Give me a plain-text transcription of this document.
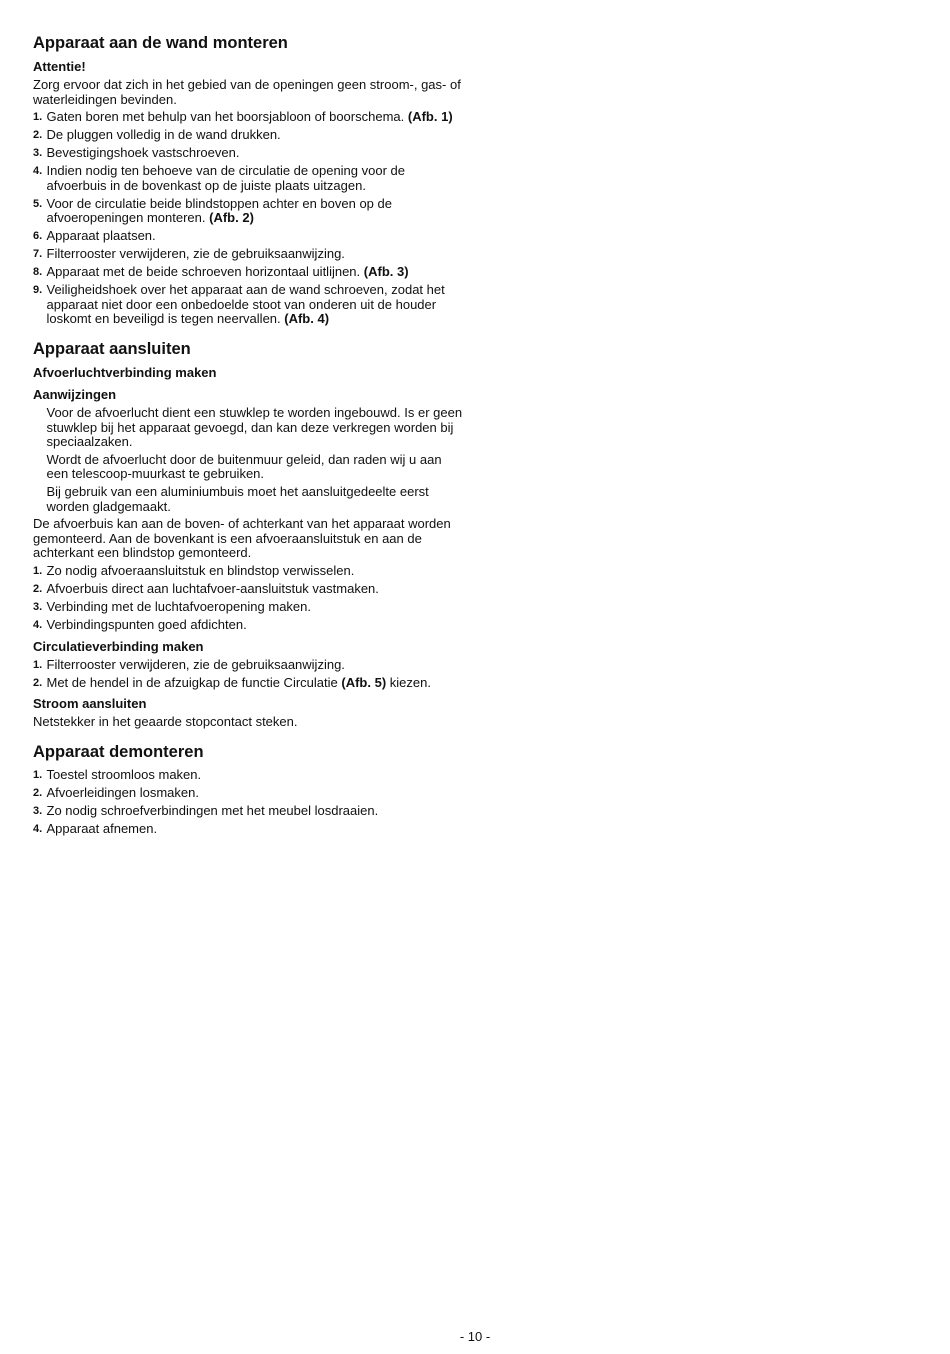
Apparaat aan de wand monteren
Attentie!

Zorg ervoor dat zich in het gebied van de openingen geen stroom-, gas- of waterleidingen bevinden.

1. Gaten boren met behulp van het boorsjabloon of boorschema. (Afb. 1)
2. De pluggen volledig in de wand drukken.
3. Bevestigingshoek vastschroeven.
4. Indien nodig ten behoeve van de circulatie de opening voor de afvoerbuis in de bovenkast op de juiste plaats uitzagen.
5. Voor de circulatie beide blindstoppen achter en boven op de afvoeropeningen monteren. (Afb. 2)
6. Apparaat plaatsen.
7. Filterrooster verwijderen, zie de gebruiksaanwijzing.
8. Apparaat met de beide schroeven horizontaal uitlijnen. (Afb. 3)
9. Veiligheidshoek over het apparaat aan de wand schroeven, zodat het apparaat niet door een onbedoelde stoot van onderen uit de houder loskomt en beveiligd is tegen neervallen. (Afb. 4)
Apparaat aansluiten
Afvoerluchtverbinding maken
Aanwijzingen

Voor de afvoerlucht dient een stuwklep te worden ingebouwd. Is er geen stuwklep bij het apparaat gevoegd, dan kan deze verkregen worden bij speciaalzaken.

Wordt de afvoerlucht door de buitenmuur geleid, dan raden wij u aan een telescoop-muurkast te gebruiken.

Bij gebruik van een aluminiumbuis moet het aansluitgedeelte eerst worden gladgemaakt.

De afvoerbuis kan aan de boven- of achterkant van het apparaat worden gemonteerd. Aan de bovenkant is een afvoeraansluitstuk en aan de achterkant een blindstop gemonteerd.

1. Zo nodig afvoeraansluitstuk en blindstop verwisselen.
2. Afvoerbuis direct aan luchtafvoer-aansluitstuk vastmaken.
3. Verbinding met de luchtafvoeropening maken.
4. Verbindingspunten goed afdichten.
Circulatieverbinding maken
1. Filterrooster verwijderen, zie de gebruiksaanwijzing.
2. Met de hendel in de afzuigkap de functie Circulatie (Afb. 5) kiezen.
Stroom aansluiten

Netstekker in het geaarde stopcontact steken.

Apparaat demonteren
1. Toestel stroomloos maken.
2. Afvoerleidingen losmaken.
3. Zo nodig schroefverbindingen met het meubel losdraaien.
4. Apparaat afnemen.
- 10 -
